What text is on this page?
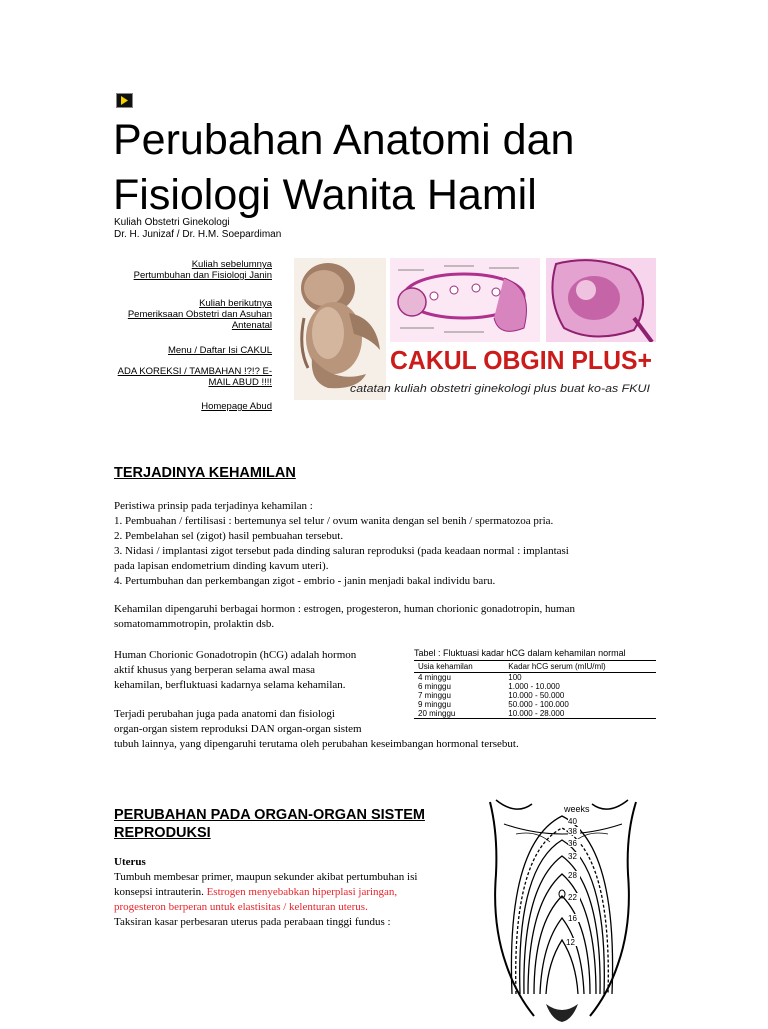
Perubahan Anatomi dan
Fisiologi Wanita Hamil
Kuliah Obstetri Ginekologi
Dr. H. Junizaf / Dr. H.M. Soepardiman
Kuliah sebelumnya
Pertumbuhan dan Fisiologi Janin
Kuliah berikutnya
Pemeriksaan Obstetri dan Asuhan
Antenatal
Menu / Daftar Isi CAKUL
ADA KOREKSI / TAMBAHAN !?!? E-
MAIL ABUD !!!!
Homepage Abud
CAKUL OBGIN PLUS+
catatan kuliah obstetri ginekologi plus buat ko-as FKUI
TERJADINYA KEHAMILAN
Peristiwa prinsip pada terjadinya kehamilan :
1. Pembuahan / fertilisasi : bertemunya sel telur / ovum wanita dengan sel benih / spermatozoa pria.
2. Pembelahan sel (zigot) hasil pembuahan tersebut.
3. Nidasi / implantasi zigot tersebut pada dinding saluran reproduksi (pada keadaan normal : implantasi
pada lapisan endometrium dinding kavum uteri).
4. Pertumbuhan dan perkembangan zigot - embrio - janin menjadi bakal individu baru.
Kehamilan dipengaruhi berbagai hormon : estrogen, progesteron, human chorionic gonadotropin, human
somatomammotropin, prolaktin dsb.
Human Chorionic Gonadotropin (hCG) adalah hormon
aktif khusus yang berperan selama awal masa
kehamilan, berfluktuasi kadarnya selama kehamilan.
Terjadi perubahan juga pada anatomi dan fisiologi
organ-organ sistem reproduksi DAN organ-organ sistem
tubuh lainnya, yang dipengaruhi terutama oleh perubahan keseimbangan hormonal tersebut.
Tabel : Fluktuasi kadar hCG dalam kehamilan normal
Usia kehamilan	Kadar hCG serum (mIU/ml)
4 minggu	100
6 minggu	1.000 - 10.000
7 minggu	10.000 - 50.000
9 minggu	50.000 - 100.000
20 minggu	10.000 - 28.000
PERUBAHAN PADA ORGAN-ORGAN SISTEM
REPRODUKSI
Uterus
Tumbuh membesar primer, maupun sekunder akibat pertumbuhan isi
konsepsi intrauterin. Estrogen menyebabkan hiperplasi jaringan,
progesteron berperan untuk elastisitas / kelenturan uterus.
Taksiran kasar perbesaran uterus pada perabaan tinggi fundus :
weeks
40
38
36
32
28
22
16
12
